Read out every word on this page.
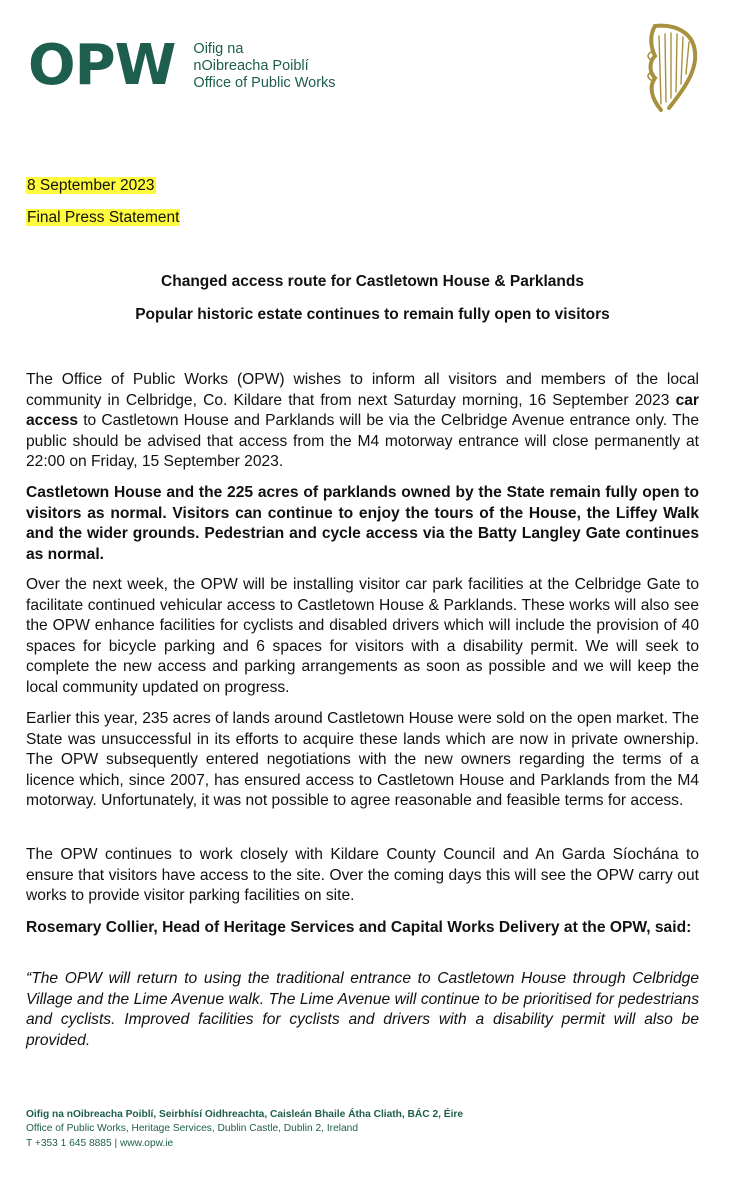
OPW Oifig na
nOibreacha Poiblí
Office of Public Works
8 September 2023
Final Press Statement
Changed access route for Castletown House & Parklands
Popular historic estate continues to remain fully open to visitors

The Office of Public Works (OPW) wishes to inform all visitors and members of the local community in Celbridge, Co. Kildare that from next Saturday morning, 16 September 2023 car access to Castletown House and Parklands will be via the Celbridge Avenue entrance only. The public should be advised that access from the M4 motorway entrance will close permanently at 22:00 on Friday, 15 September 2023.

Castletown House and the 225 acres of parklands owned by the State remain fully open to visitors as normal. Visitors can continue to enjoy the tours of the House, the Liffey Walk and the wider grounds. Pedestrian and cycle access via the Batty Langley Gate continues as normal.

Over the next week, the OPW will be installing visitor car park facilities at the Celbridge Gate to facilitate continued vehicular access to Castletown House & Parklands. These works will also see the OPW enhance facilities for cyclists and disabled drivers which will include the provision of 40 spaces for bicycle parking and 6 spaces for visitors with a disability permit. We will seek to complete the new access and parking arrangements as soon as possible and we will keep the local community updated on progress.

Earlier this year, 235 acres of lands around Castletown House were sold on the open market. The State was unsuccessful in its efforts to acquire these lands which are now in private ownership. The OPW subsequently entered negotiations with the new owners regarding the terms of a licence which, since 2007, has ensured access to Castletown House and Parklands from the M4 motorway. Unfortunately, it was not possible to agree reasonable and feasible terms for access.

The OPW continues to work closely with Kildare County Council and An Garda Síochána to ensure that visitors have access to the site. Over the coming days this will see the OPW carry out works to provide visitor parking facilities on site.

Rosemary Collier, Head of Heritage Services and Capital Works Delivery at the OPW, said:

“The OPW will return to using the traditional entrance to Castletown House through Celbridge Village and the Lime Avenue walk. The Lime Avenue will continue to be prioritised for pedestrians and cyclists. Improved facilities for cyclists and drivers with a disability permit will also be provided.

Oifig na nOibreacha Poiblí, Seirbhísí Oidhreachta, Caisleán Bhaile Átha Cliath, BÁC 2, Éire
Office of Public Works, Heritage Services, Dublin Castle, Dublin 2, Ireland
T +353 1 645 8885 | www.opw.ie
